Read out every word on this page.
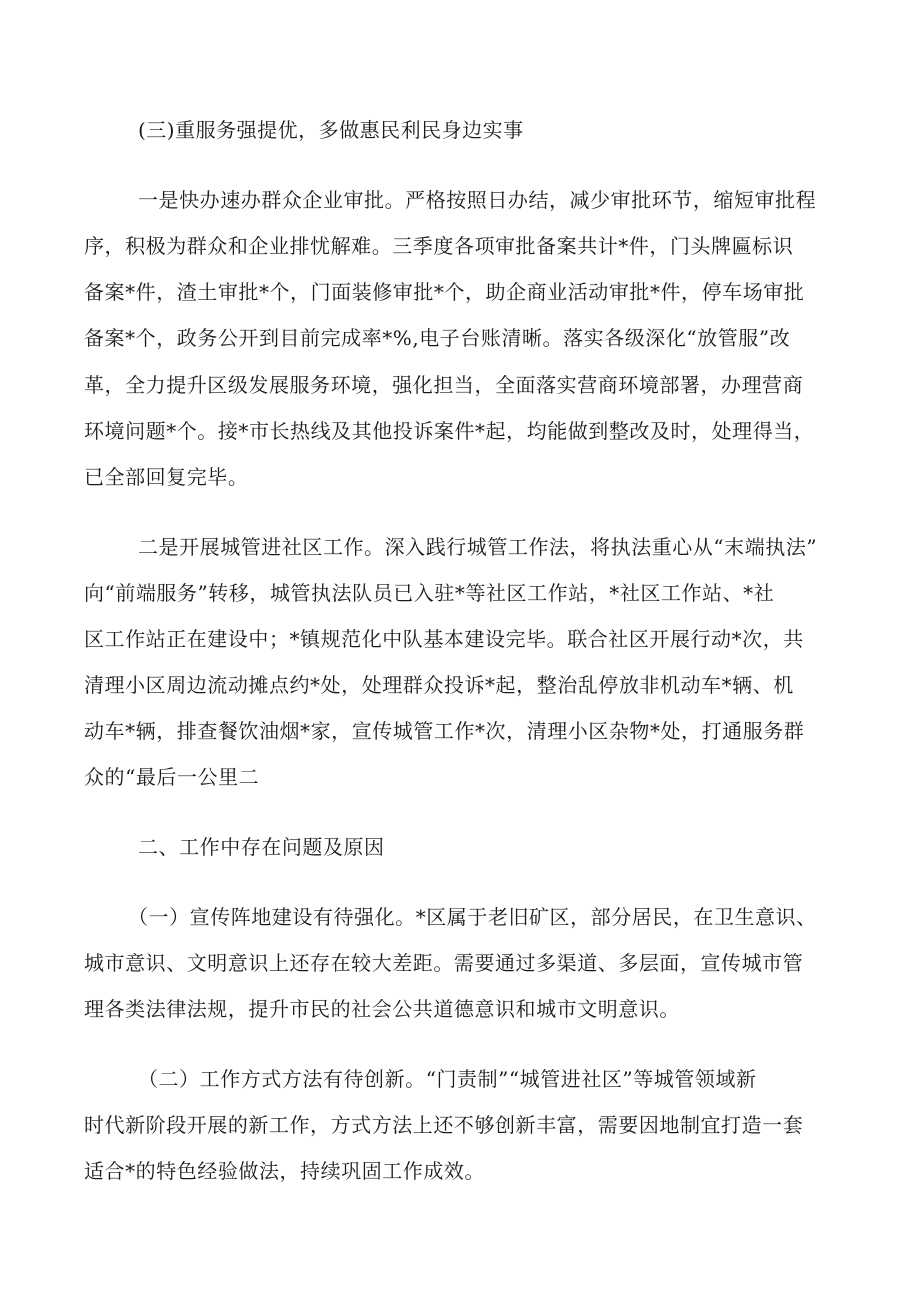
(三)重服务强提优，多做惠民利民身边实事
一是快办速办群众企业审批。严格按照日办结，减少审批环节，缩短审批程
序，积极为群众和企业排忧解难。三季度各项审批备案共计*件，门头牌匾标识
备案*件，渣土审批*个，门面装修审批*个，助企商业活动审批*件，停车场审批
备案*个，政务公开到目前完成率*%,电子台账清晰。落实各级深化“放管服”改
革，全力提升区级发展服务环境，强化担当，全面落实营商环境部署，办理营商
环境问题*个。接*市长热线及其他投诉案件*起，均能做到整改及时，处理得当，
已全部回复完毕。
二是开展城管进社区工作。深入践行城管工作法，将执法重心从“末端执法”
向“前端服务”转移，城管执法队员已入驻*等社区工作站，*社区工作站、*社
区工作站正在建设中；*镇规范化中队基本建设完毕。联合社区开展行动*次，共
清理小区周边流动摊点约*处，处理群众投诉*起，整治乱停放非机动车*辆、机
动车*辆，排查餐饮油烟*家，宣传城管工作*次，清理小区杂物*处，打通服务群
众的“最后一公里二
二、工作中存在问题及原因
（一）宣传阵地建设有待强化。*区属于老旧矿区，部分居民，在卫生意识、
城市意识、文明意识上还存在较大差距。需要通过多渠道、多层面，宣传城市管
理各类法律法规，提升市民的社会公共道德意识和城市文明意识。
（二）工作方式方法有待创新。“门责制”“城管进社区”等城管领域新
时代新阶段开展的新工作，方式方法上还不够创新丰富，需要因地制宜打造一套
适合*的特色经验做法，持续巩固工作成效。
